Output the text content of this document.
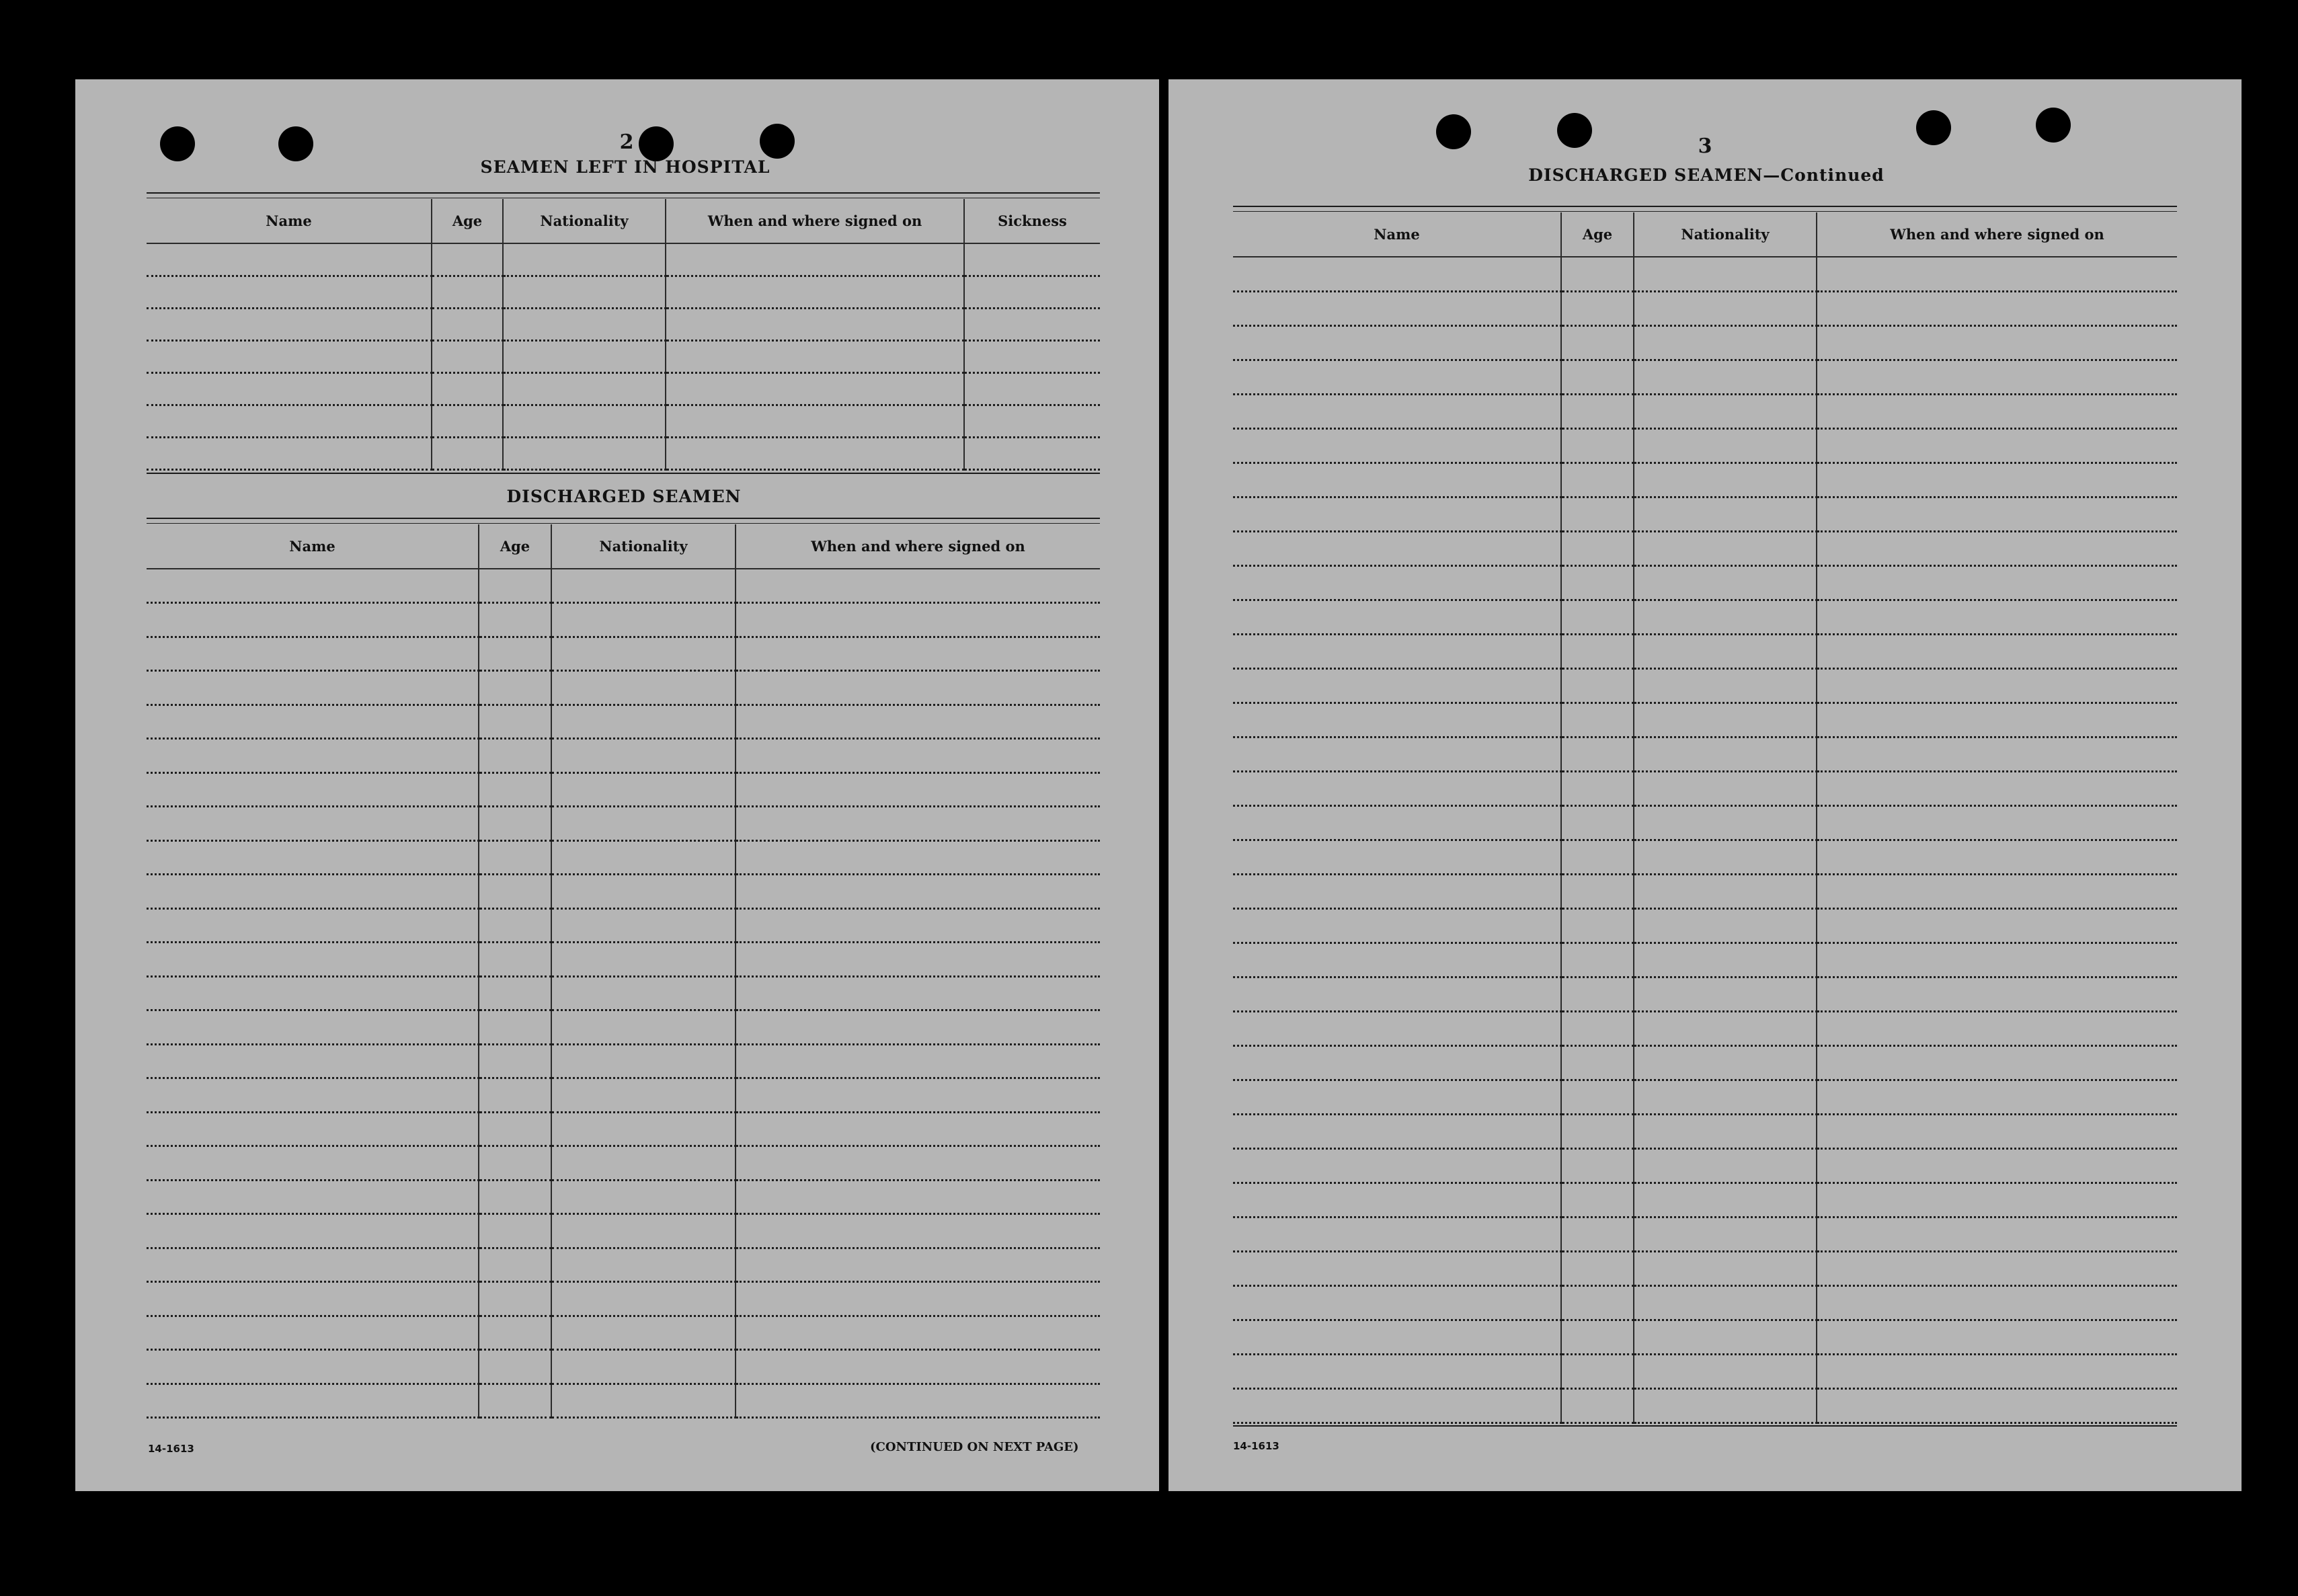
2
SEAMEN LEFT IN HOSPITAL
Name	Age	Nationality	When and where signed on	Sickness

DISCHARGED SEAMEN
Name	Age	Nationality	When and where signed on

14-1613	(CONTINUED ON NEXT PAGE)
3
DISCHARGED SEAMEN—Continued
Name	Age	Nationality	When and where signed on

14-1613
